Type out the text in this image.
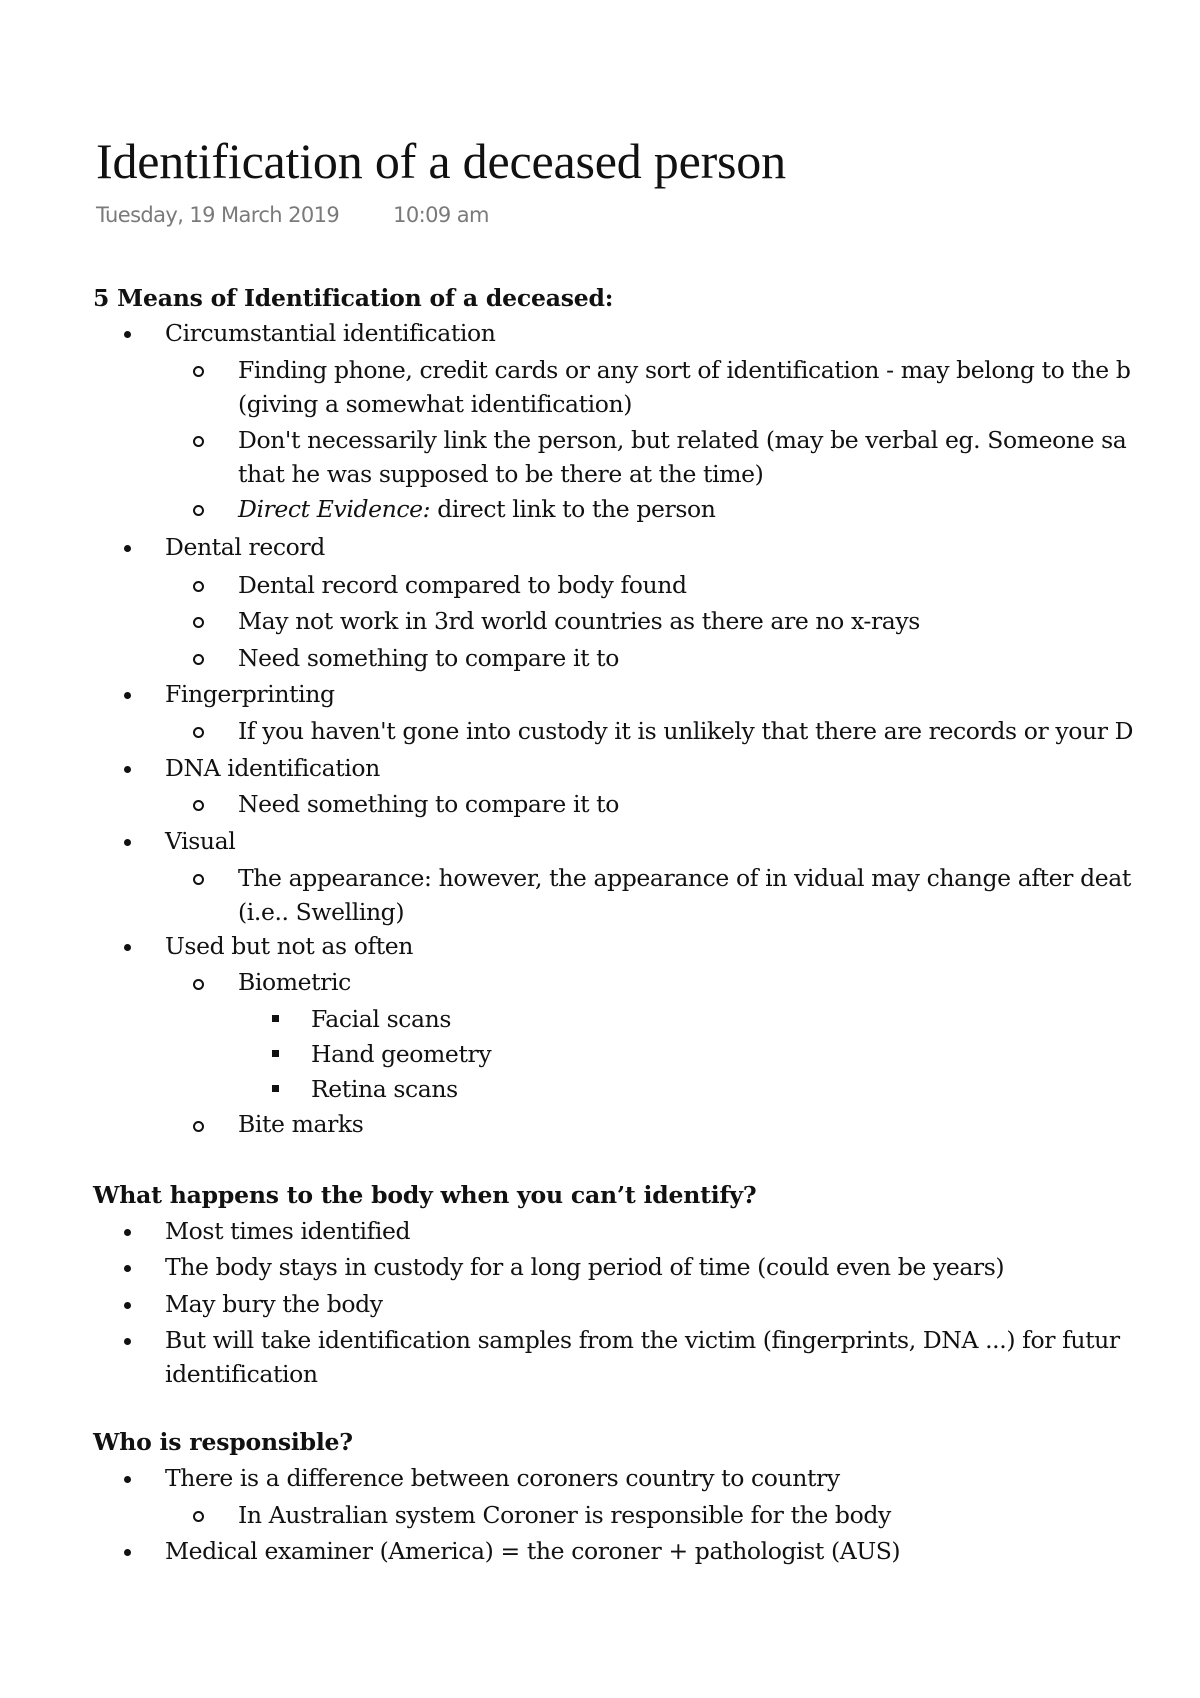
Identification of a deceased person
Tuesday, 19 March 2019	10:09 am
5 Means of Identification of a deceased:
Circumstantial identification
Finding phone, credit cards or any sort of identification - may belong to the b
(giving a somewhat identification)
Don't necessarily link the person, but related (may be verbal eg. Someone sa
that he was supposed to be there at the time)
Direct Evidence: direct link to the person
Dental record
Dental record compared to body found
May not work in 3rd world countries as there are no x-rays
Need something to compare it to
Fingerprinting
If you haven't gone into custody it is unlikely that there are records or your D
DNA identification
Need something to compare it to
Visual
The appearance: however, the appearance of in vidual may change after deat
(i.e.. Swelling)
Used but not as often
Biometric
Facial scans
Hand geometry
Retina scans
Bite marks
What happens to the body when you can’t identify?
Most times identified
The body stays in custody for a long period of time (could even be years)
May bury the body
But will take identification samples from the victim (fingerprints, DNA ...) for futur
identification
Who is responsible?
There is a difference between coroners country to country
In Australian system Coroner is responsible for the body
Medical examiner (America) = the coroner + pathologist (AUS)
